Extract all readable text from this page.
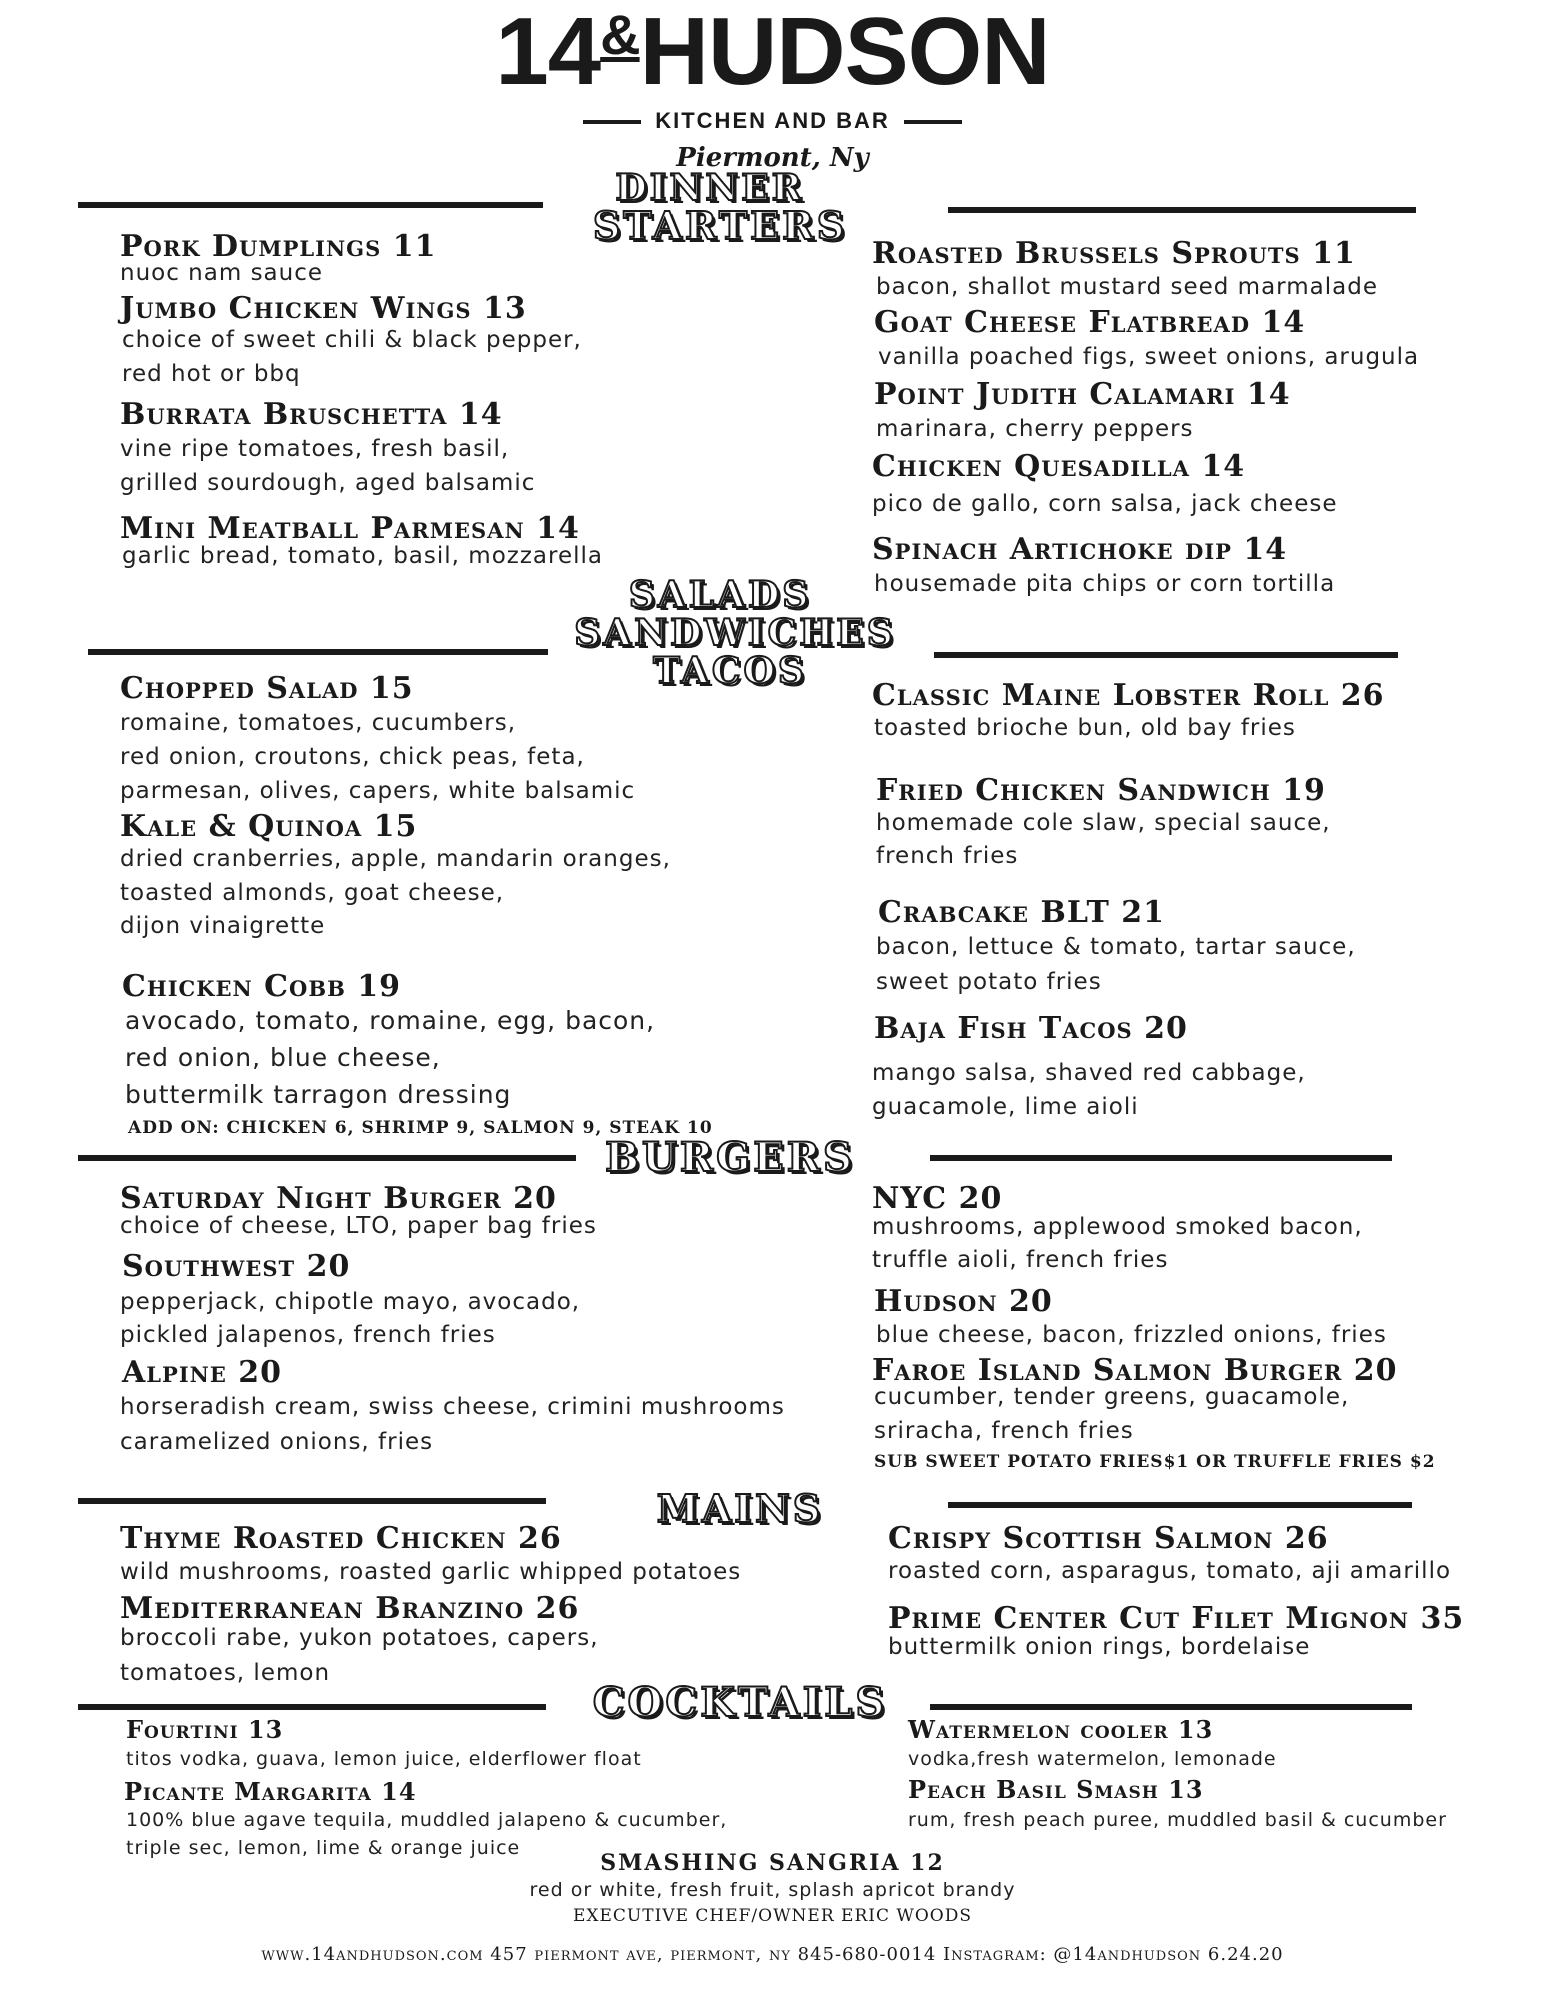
14&HUDSON
KITCHEN AND BAR
Piermont, Ny
DINNER
STARTERS
Pork Dumplings 11
nuoc nam sauce
Jumbo Chicken Wings 13
choice of sweet chili & black pepper,
red hot or bbq
Burrata Bruschetta 14
vine ripe tomatoes, fresh basil,
grilled sourdough, aged balsamic
Mini Meatball Parmesan 14
garlic bread, tomato, basil, mozzarella
Roasted Brussels Sprouts 11
bacon, shallot mustard seed marmalade
Goat Cheese Flatbread 14
vanilla poached figs, sweet onions, arugula
Point Judith Calamari 14
marinara, cherry peppers
Chicken Quesadilla 14
pico de gallo, corn salsa, jack cheese
Spinach Artichoke dip 14
housemade pita chips or corn tortilla
SALADS
SANDWICHES
TACOS
Chopped Salad 15
romaine, tomatoes, cucumbers,
red onion, croutons, chick peas, feta,
parmesan, olives, capers, white balsamic
Kale & Quinoa 15
dried cranberries, apple, mandarin oranges,
toasted almonds, goat cheese,
dijon vinaigrette
Chicken Cobb 19
avocado, tomato, romaine, egg, bacon,
red onion, blue cheese,
buttermilk tarragon dressing
ADD ON: CHICKEN 6, SHRIMP 9, SALMON 9, STEAK 10
Classic Maine Lobster Roll 26
toasted brioche bun, old bay fries
Fried Chicken Sandwich 19
homemade cole slaw, special sauce,
french fries
Crabcake BLT 21
bacon, lettuce & tomato, tartar sauce,
sweet potato fries
Baja Fish Tacos 20
mango salsa, shaved red cabbage,
guacamole, lime aioli
BURGERS
Saturday Night Burger 20
choice of cheese, LTO, paper bag fries
Southwest 20
pepperjack, chipotle mayo, avocado,
pickled jalapenos, french fries
Alpine 20
horseradish cream, swiss cheese, crimini mushrooms
caramelized onions, fries
NYC 20
mushrooms, applewood smoked bacon,
truffle aioli, french fries
Hudson 20
blue cheese, bacon, frizzled onions, fries
Faroe Island Salmon Burger 20
cucumber, tender greens, guacamole,
sriracha, french fries
SUB SWEET POTATO FRIES$1 OR TRUFFLE FRIES $2
MAINS
Thyme Roasted Chicken 26
wild mushrooms, roasted garlic whipped potatoes
Mediterranean Branzino 26
broccoli rabe, yukon potatoes, capers,
tomatoes, lemon
Crispy Scottish Salmon 26
roasted corn, asparagus, tomato, aji amarillo
Prime Center Cut Filet Mignon 35
buttermilk onion rings, bordelaise
COCKTAILS
Fourtini 13
titos vodka, guava, lemon juice, elderflower float
Picante Margarita 14
100% blue agave tequila, muddled jalapeno & cucumber,
triple sec, lemon, lime & orange juice
Watermelon cooler 13
vodka,fresh watermelon, lemonade
Peach Basil Smash 13
rum, fresh peach puree, muddled basil & cucumber
SMASHING SANGRIA 12
red or white, fresh fruit, splash apricot brandy
EXECUTIVE CHEF/OWNER ERIC WOODS
www.14andhudson.com 457 piermont ave, piermont, ny 845-680-0014 Instagram: @14andhudson 6.24.20
